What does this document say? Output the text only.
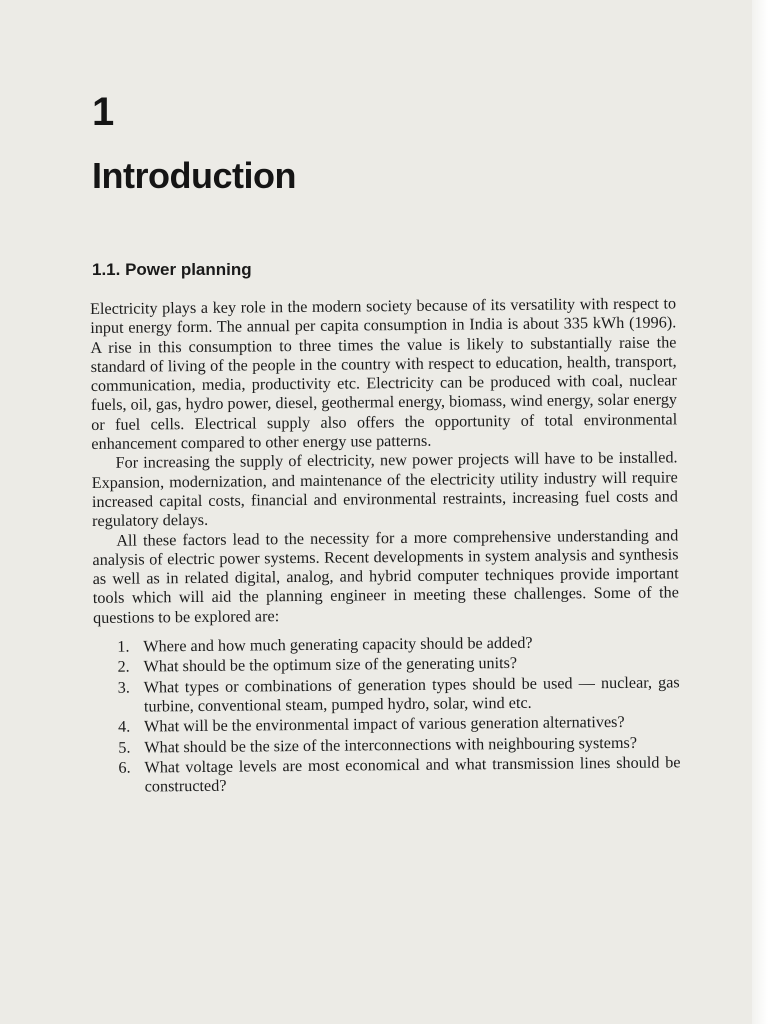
1
Introduction
1.1. Power planning

Electricity plays a key role in the modern society because of its versatility with respect to input energy form. The annual per capita consumption in India is about 335 kWh (1996). A rise in this consumption to three times the value is likely to substantially raise the standard of living of the people in the country with respect to education, health, transport, communication, media, productivity etc. Electricity can be produced with coal, nuclear fuels, oil, gas, hydro power, diesel, geothermal energy, biomass, wind energy, solar energy or fuel cells. Electrical supply also offers the opportunity of total environmental enhancement compared to other energy use patterns.

For increasing the supply of electricity, new power projects will have to be installed. Expansion, modernization, and maintenance of the electricity utility industry will require increased capital costs, financial and environmental restraints, increasing fuel costs and regulatory delays.

All these factors lead to the necessity for a more comprehensive understanding and analysis of electric power systems. Recent developments in system analysis and synthesis as well as in related digital, analog, and hybrid computer techniques provide important tools which will aid the planning engineer in meeting these challenges. Some of the questions to be explored are:

1. Where and how much generating capacity should be added?
2. What should be the optimum size of the generating units?
3. What types or combinations of generation types should be used — nuclear, gas turbine, conventional steam, pumped hydro, solar, wind etc.
4. What will be the environmental impact of various generation alternatives?
5. What should be the size of the interconnections with neighbouring systems?
6. What voltage levels are most economical and what transmission lines should be constructed?
